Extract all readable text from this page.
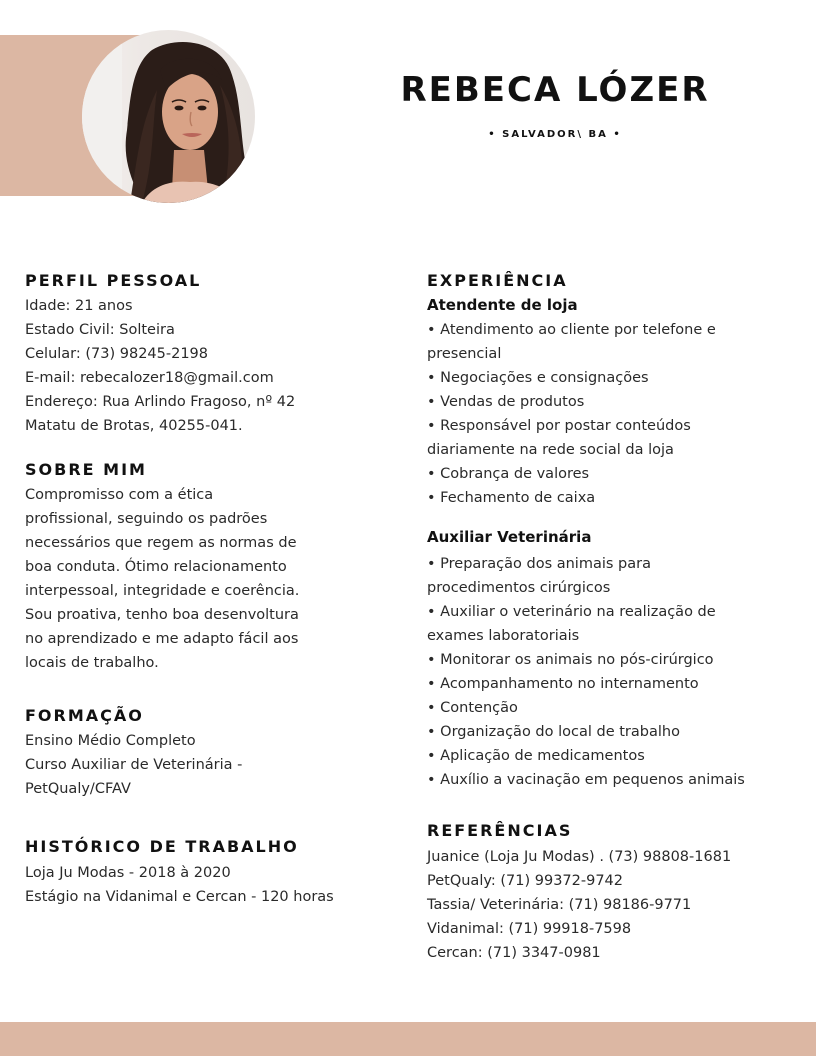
REBECA LÓZER
• SALVADOR\ BA •
PERFIL PESSOAL
Idade: 21 anos
Estado Civil: Solteira
Celular: (73) 98245-2198
E-mail: rebecalozer18@gmail.com
Endereço: Rua Arlindo Fragoso, nº 42
Matatu de Brotas, 40255-041.
SOBRE MIM
Compromisso com a ética
profissional, seguindo os padrões
necessários que regem as normas de
boa conduta. Ótimo relacionamento
interpessoal, integridade e coerência.
Sou proativa, tenho boa desenvoltura
no aprendizado e me adapto fácil aos
locais de trabalho.
FORMAÇÃO
Ensino Médio Completo
Curso Auxiliar de Veterinária -
PetQualy/CFAV
HISTÓRICO DE TRABALHO
Loja Ju Modas - 2018 à 2020
Estágio na Vidanimal e Cercan - 120 horas
EXPERIÊNCIA
Atendente de loja
• Atendimento ao cliente por telefone e
presencial
• Negociações e consignações
• Vendas de produtos
• Responsável por postar conteúdos
diariamente na rede social da loja
• Cobrança de valores
• Fechamento de caixa
Auxiliar Veterinária
• Preparação dos animais para
procedimentos cirúrgicos
• Auxiliar o veterinário na realização de
exames laboratoriais
• Monitorar os animais no pós-cirúrgico
• Acompanhamento no internamento
• Contenção
• Organização do local de trabalho
• Aplicação de medicamentos
• Auxílio a vacinação em pequenos animais
REFERÊNCIAS
Juanice (Loja Ju Modas) . (73) 98808-1681
PetQualy: (71) 99372-9742
Tassia/ Veterinária: (71) 98186-9771
Vidanimal: (71) 99918-7598
Cercan: (71) 3347-0981
